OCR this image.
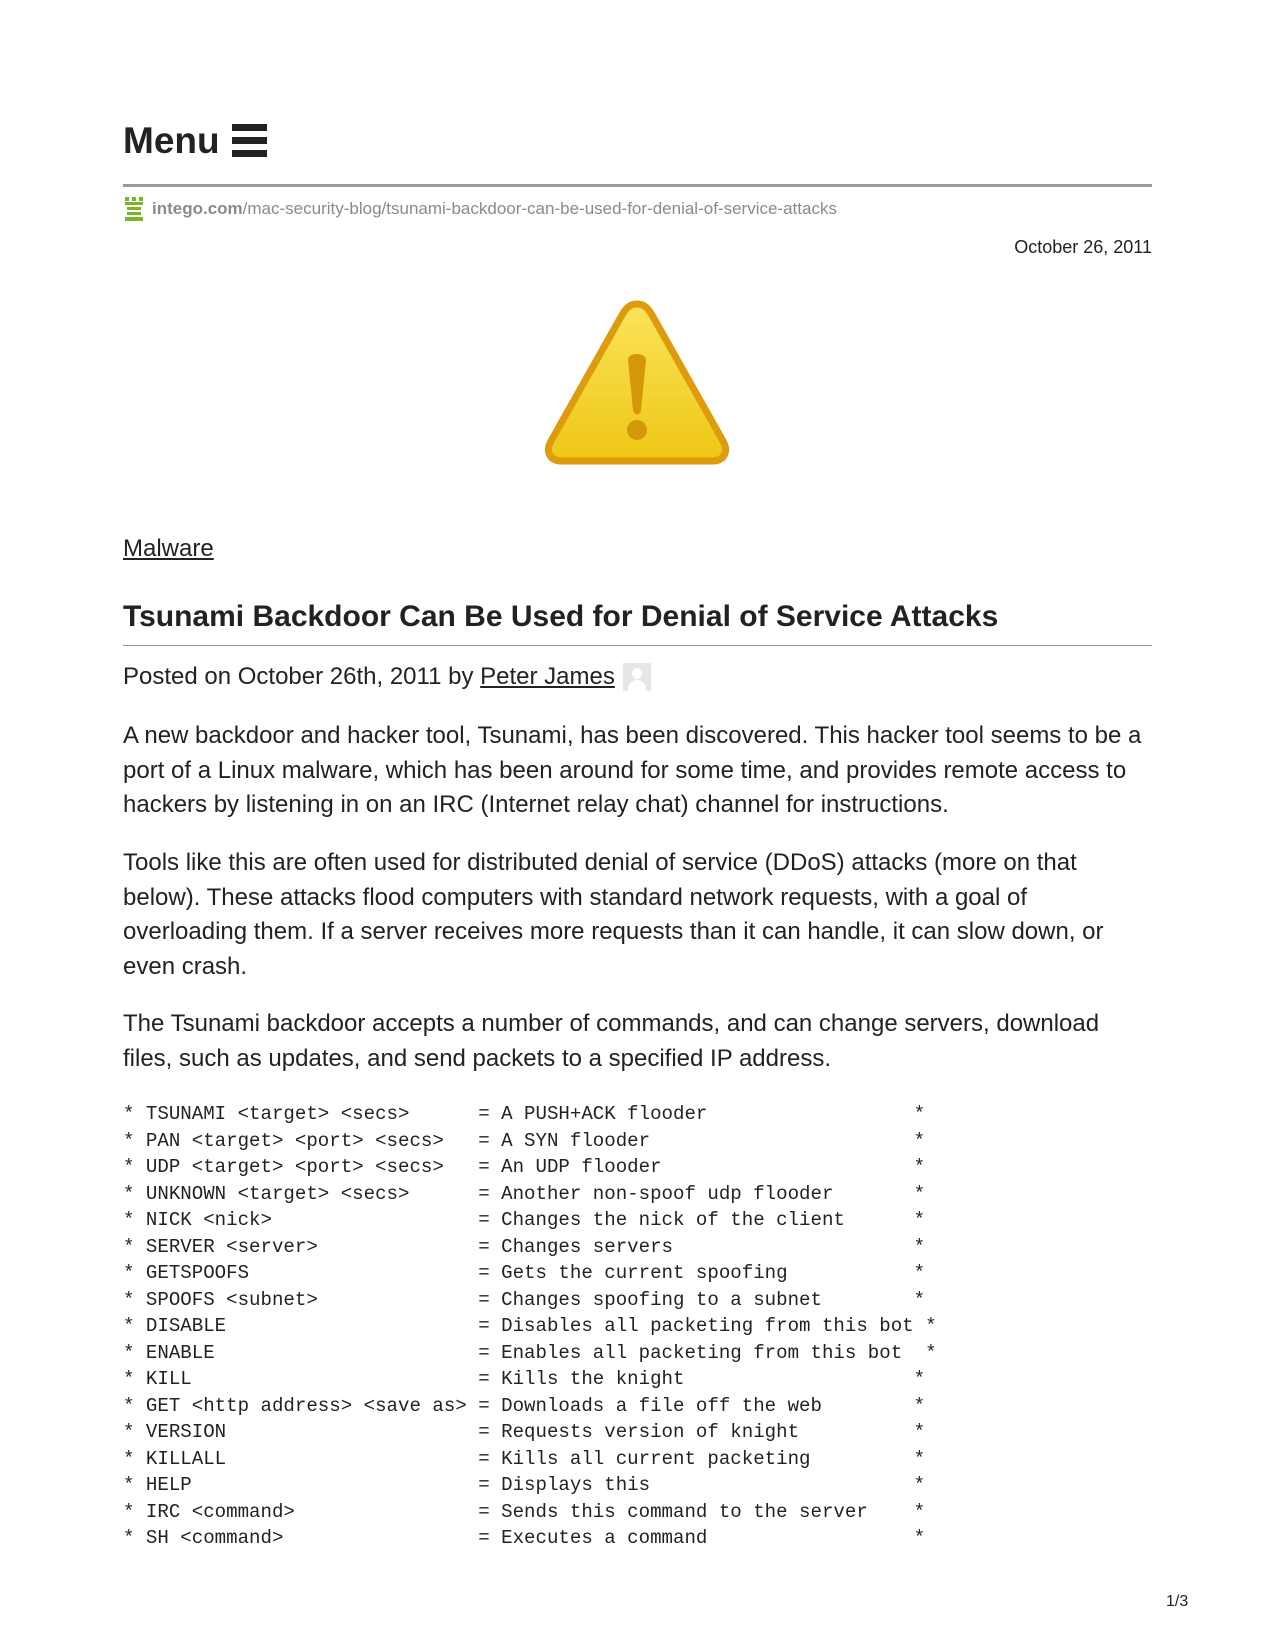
Menu
intego.com /mac-security-blog/tsunami-backdoor-can-be-used-for-denial-of-service-attacks
October 26, 2011
Malware
Tsunami Backdoor Can Be Used for Denial of Service Attacks
Posted on October 26th, 2011 by Peter James

A new backdoor and hacker tool, Tsunami, has been discovered. This hacker tool seems to be a port of a Linux malware, which has been around for some time, and provides remote access to hackers by listening in on an IRC (Internet relay chat) channel for instructions.

Tools like this are often used for distributed denial of service (DDoS) attacks (more on that below). These attacks flood computers with standard network requests, with a goal of overloading them. If a server receives more requests than it can handle, it can slow down, or even crash.

The Tsunami backdoor accepts a number of commands, and can change servers, download files, such as updates, and send packets to a specified IP address.

* TSUNAMI <target> <secs>      = A PUSH+ACK flooder                  *
* PAN <target> <port> <secs>   = A SYN flooder                       *
* UDP <target> <port> <secs>   = An UDP flooder                      *
* UNKNOWN <target> <secs>      = Another non-spoof udp flooder       *
* NICK <nick>                  = Changes the nick of the client      *
* SERVER <server>              = Changes servers                     *
* GETSPOOFS                    = Gets the current spoofing           *
* SPOOFS <subnet>              = Changes spoofing to a subnet        *
* DISABLE                      = Disables all packeting from this bot *
* ENABLE                       = Enables all packeting from this bot  *
* KILL                         = Kills the knight                    *
* GET <http address> <save as> = Downloads a file off the web        *
* VERSION                      = Requests version of knight          *
* KILLALL                      = Kills all current packeting         *
* HELP                         = Displays this                       *
* IRC <command>                = Sends this command to the server    *
* SH <command>                 = Executes a command                  *
1/3
